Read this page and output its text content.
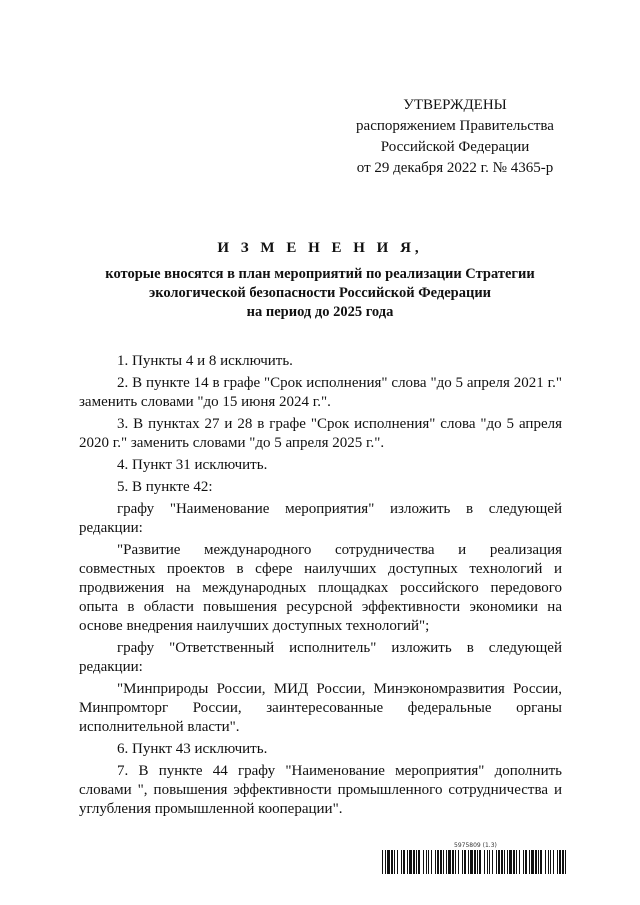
УТВЕРЖДЕНЫ
распоряжением Правительства
Российской Федерации
от 29 декабря 2022 г. № 4365-р
И З М Е Н Е Н И Я,
которые вносятся в план мероприятий по реализации Стратегии
экологической безопасности Российской Федерации
на период до 2025 года

1. Пункты 4 и 8 исключить.

2. В пункте 14 в графе "Срок исполнения" слова "до 5 апреля 2021 г." заменить словами "до 15 июня 2024 г.".

3. В пунктах 27 и 28 в графе "Срок исполнения" слова "до 5 апреля 2020 г." заменить словами "до 5 апреля 2025 г.".

4. Пункт 31 исключить.

5. В пункте 42:

графу "Наименование мероприятия" изложить в следующей редакции:

"Развитие международного сотрудничества и реализация совместных проектов в сфере наилучших доступных технологий и продвижения на международных площадках российского передового опыта в области повышения ресурсной эффективности экономики на основе внедрения наилучших доступных технологий";

графу "Ответственный исполнитель" изложить в следующей редакции:

"Минприроды России, МИД России, Минэкономразвития России, Минпромторг России, заинтересованные федеральные органы исполнительной власти".

6. Пункт 43 исключить.

7. В пункте 44 графу "Наименование мероприятия" дополнить словами ", повышения эффективности промышленного сотрудничества и углубления промышленной кооперации".

5975809 (1.3)
